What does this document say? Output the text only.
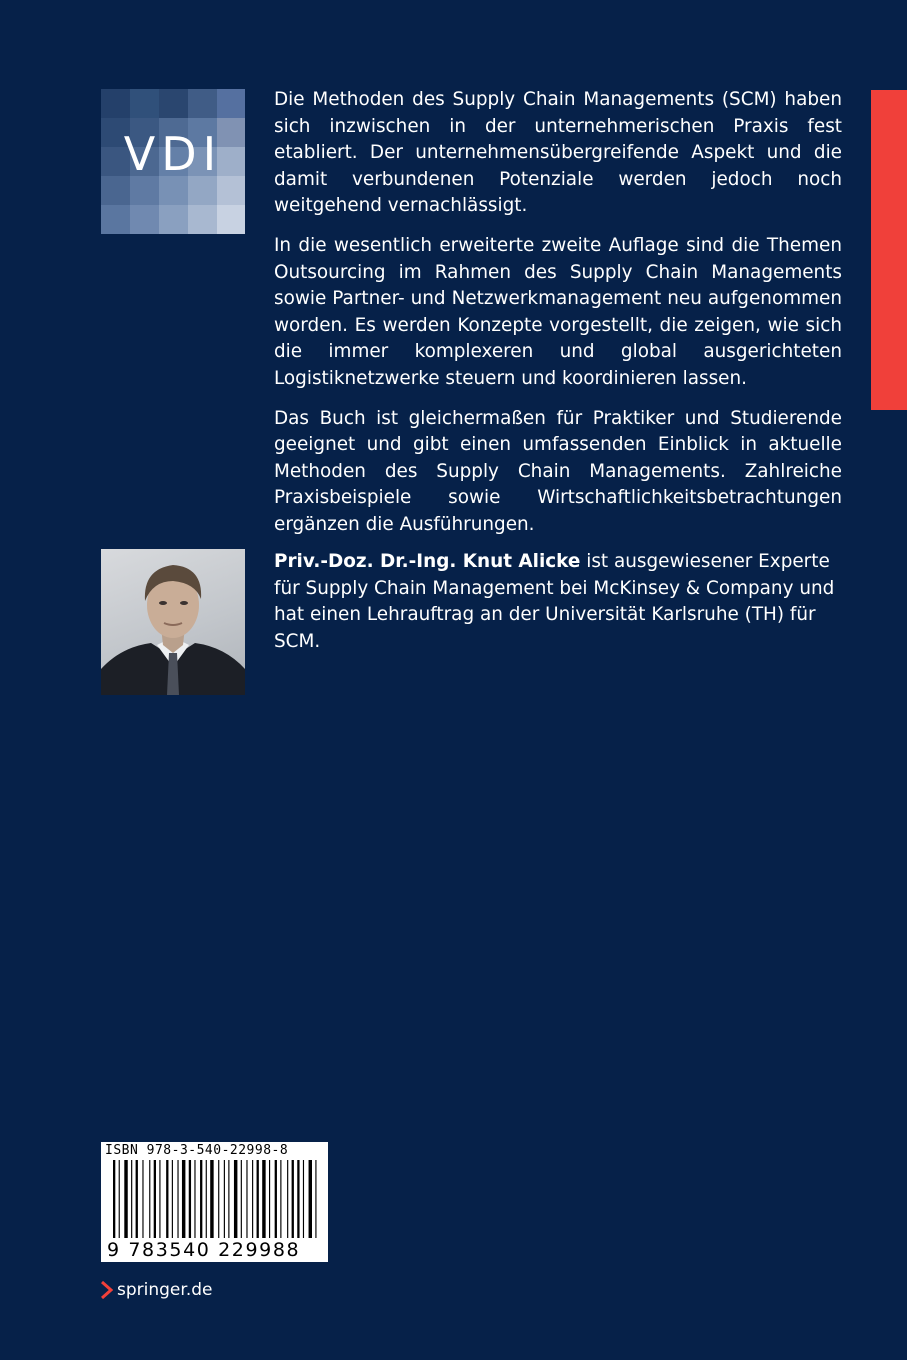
VDI

Die Methoden des Supply Chain Managements (SCM) haben sich inzwischen in der unternehmerischen Praxis fest etabliert. Der unternehmensübergreifende Aspekt und die damit verbundenen Potenziale werden jedoch noch weitgehend vernachlässigt.

In die wesentlich erweiterte zweite Auflage sind die Themen Outsourcing im Rahmen des Supply Chain Managements sowie Partner- und Netzwerkmanagement neu aufgenommen worden. Es werden Konzepte vorgestellt, die zeigen, wie sich die immer komplexeren und global ausgerichteten Logistiknetzwerke steuern und koordinieren lassen.

Das Buch ist gleichermaßen für Praktiker und Studierende geeignet und gibt einen umfassenden Einblick in aktuelle Methoden des Supply Chain Managements. Zahlreiche Praxisbeispiele sowie Wirtschaftlichkeitsbetrachtungen ergänzen die Ausführungen.

Priv.-Doz. Dr.-Ing. Knut Alicke ist ausgewiesener Experte für Supply Chain Management bei McKinsey & Company und hat einen Lehrauftrag an der Universität Karlsruhe (TH) für SCM.
ISBN 978-3-540-22998-8
9 783540 229988
springer.de
